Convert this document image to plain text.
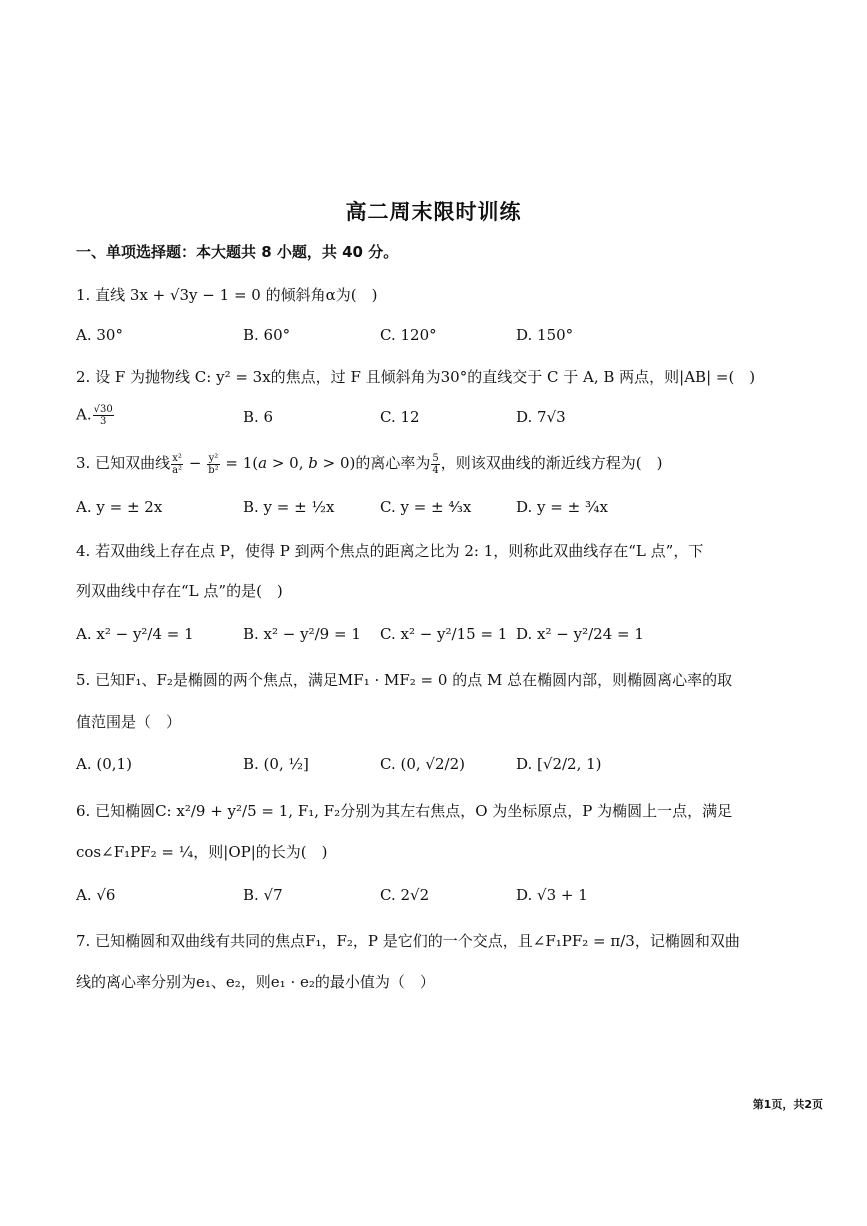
高二周末限时训练
一、单项选择题：本大题共 8 小题，共 40 分。
1. 直线 3x + √3y − 1 = 0 的倾斜角α为(　)
A. 30°	B. 60°	C. 120°	D. 150°
2. 设 F 为抛物线 C: y² = 3x的焦点，过 F 且倾斜角为30°的直线交于 C 于 A, B 两点，则|AB| =(　)
A. $\frac{√30}{3}$	B. 6	C. 12	D. 7√3
3. 已知双曲线 $\frac{\text{x²}}{\text{a²}} - \frac{\text{y²}}{\text{b²}} = 1(a > 0$, b > 0)的离心率为 $\frac{5}{4}$ ，则该双曲线的渐近线方程为(　)
A. y = ± 2x	B. y = ± ½x	C. y = ± ⁴⁄₃x	D. y = ± ¾x
4. 若双曲线上存在点 P，使得 P 到两个焦点的距离之比为 2: 1，则称此双曲线存在“L 点”，下
列双曲线中存在“L 点”的是(　)
A. x² − y²/4 = 1	B. x² − y²/9 = 1 C. x² − y²/15 = 1 D. x² − y²/24 = 1
5. 已知F₁、F₂是椭圆的两个焦点，满足MF₁ · MF₂ = 0 的点 M 总在椭圆内部，则椭圆离心率的取
值范围是（　）
A. (0,1)	B. (0, ½]	C. (0, √2/2)	D. [√2/2, 1)
6. 已知椭圆C: x²/9 + y²/5 = 1, F₁, F₂分别为其左右焦点，O 为坐标原点，P 为椭圆上一点，满足
cos∠F₁PF₂ = ¼，则|OP|的长为(　)
A. √6	B. √7	C. 2√2	D. √3 + 1
7. 已知椭圆和双曲线有共同的焦点F₁，F₂，P 是它们的一个交点，且∠F₁PF₂ = π/3，记椭圆和双曲
线的离心率分别为e₁、e₂，则e₁ · e₂的最小值为（　）
第1页，共2页
